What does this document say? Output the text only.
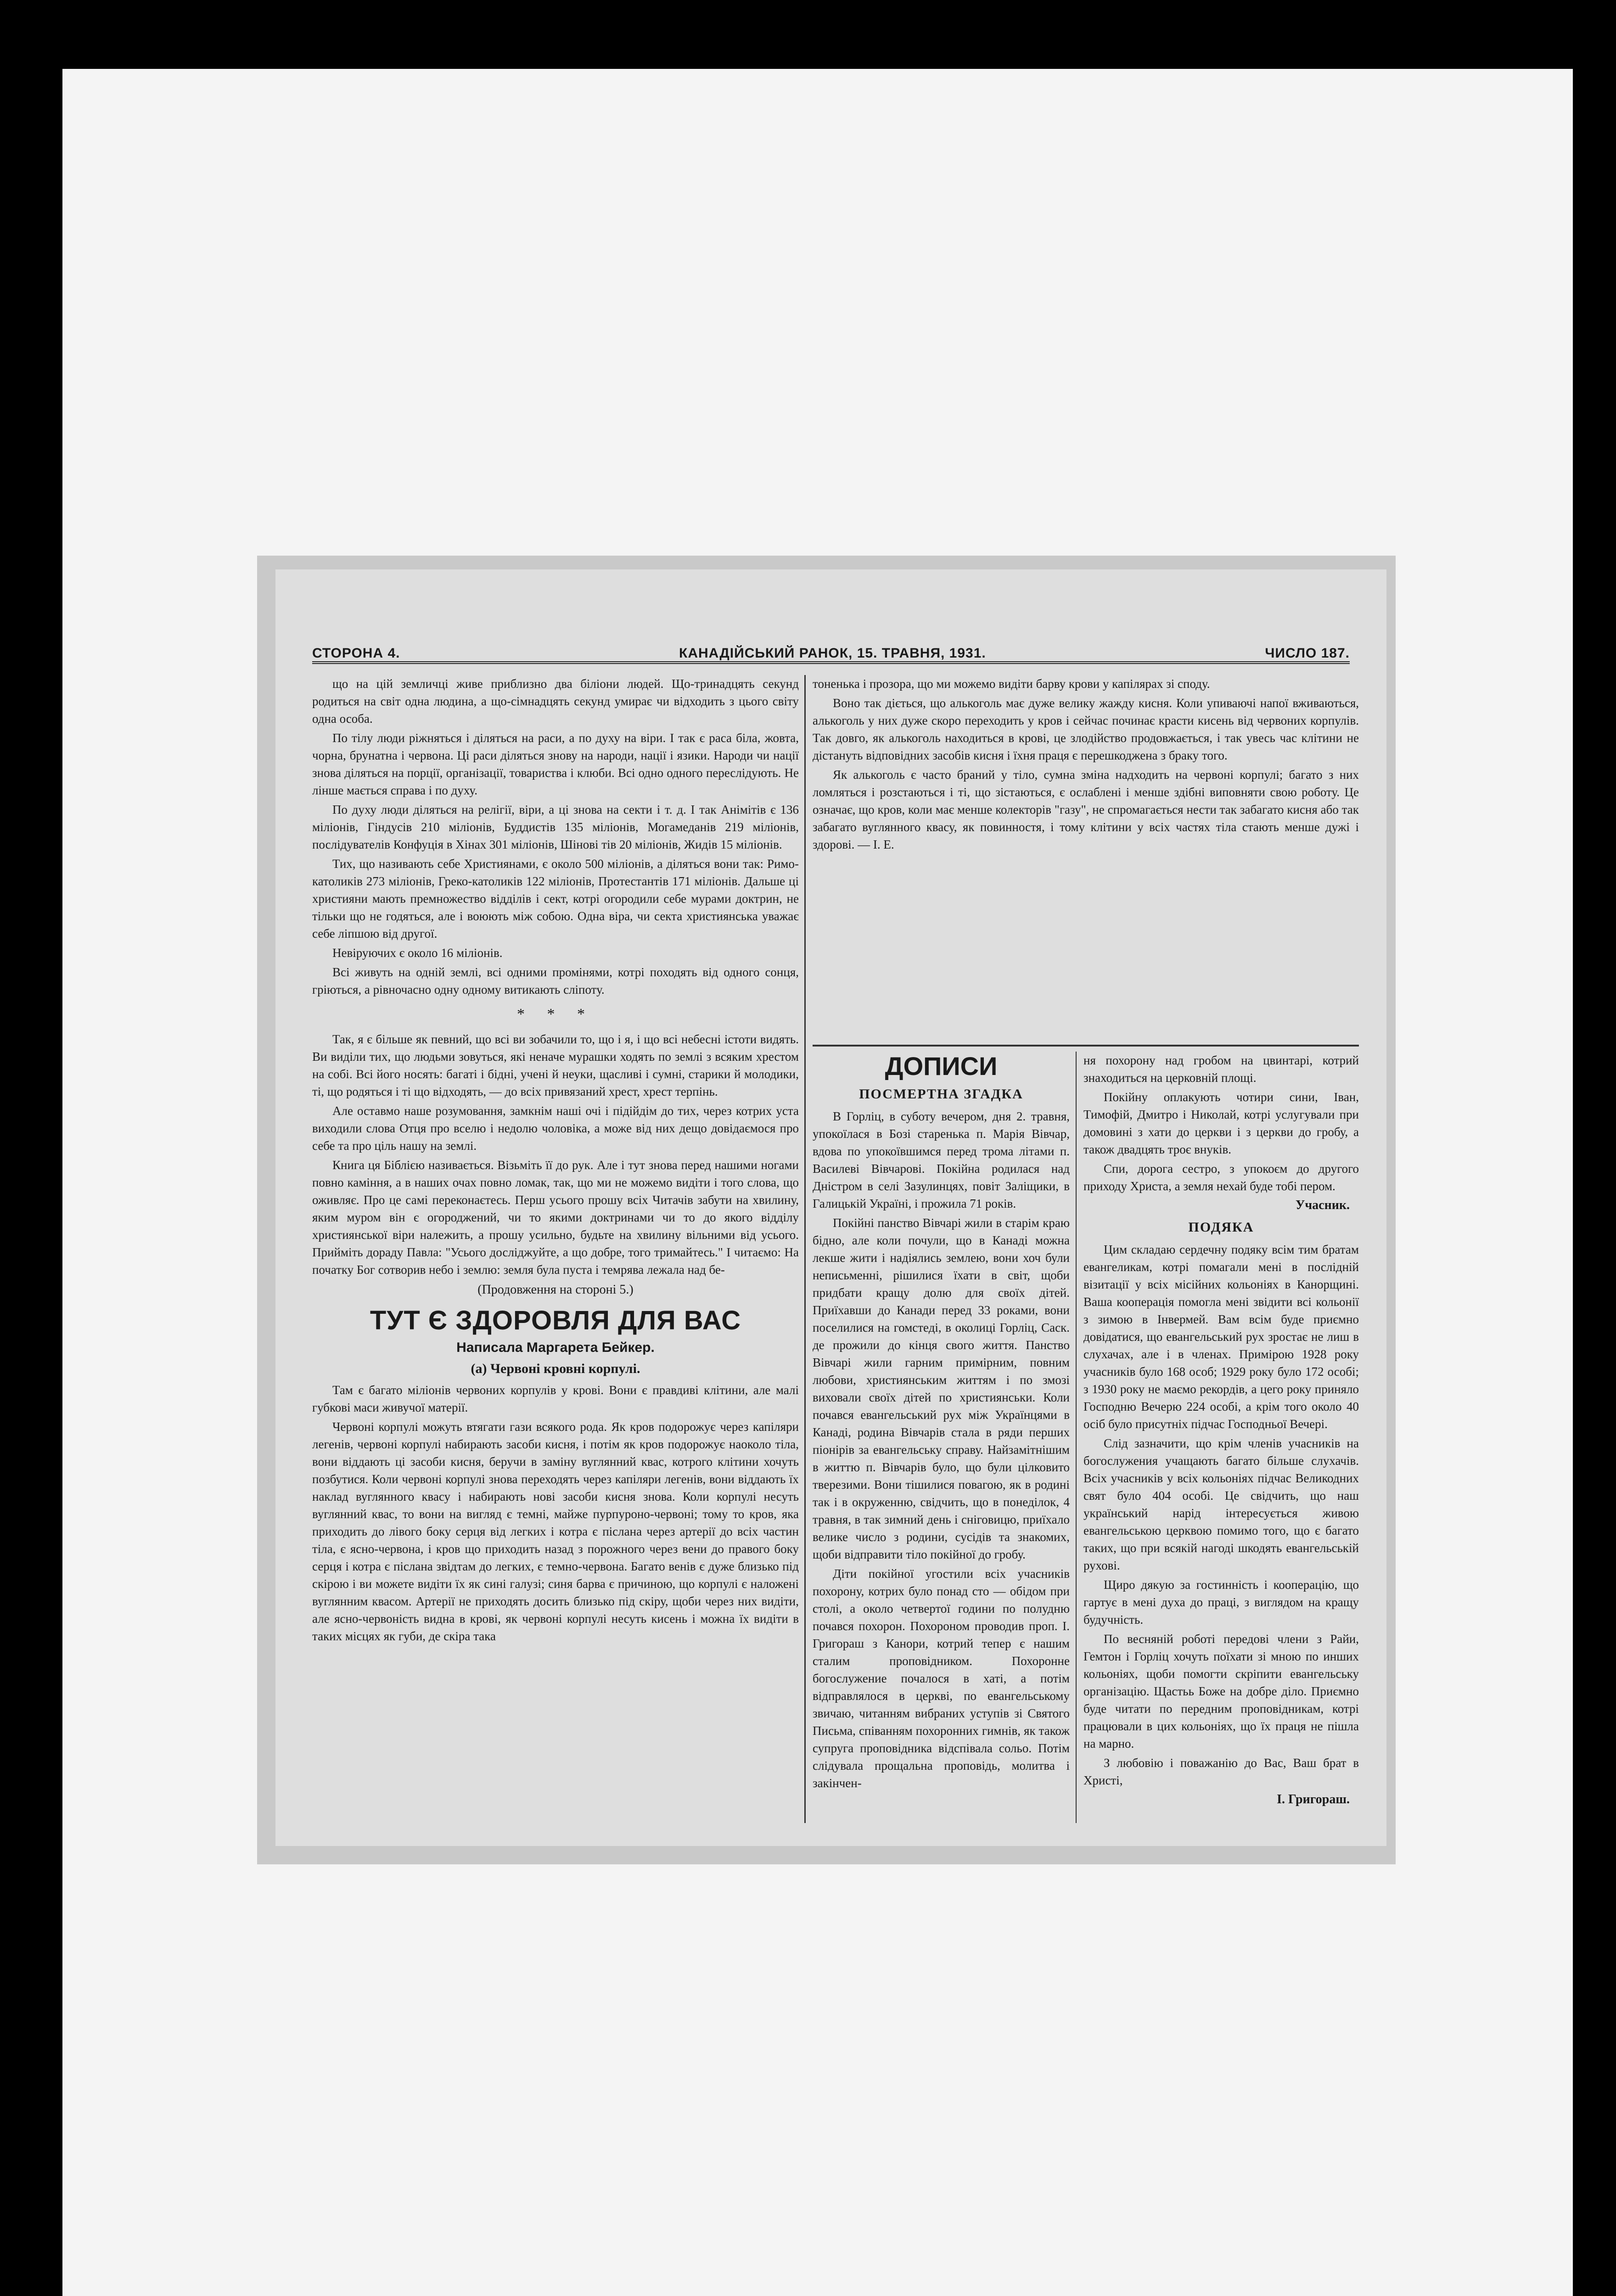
СТОРОНА 4.	КАНАДІЙСЬКИЙ РАНОК, 15. ТРАВНЯ, 1931.	ЧИСЛО 187.

що на цій земличці живе приблизно два біліони людей. Що-тринадцять секунд родиться на світ одна людина, а що-сімнадцять секунд умирає чи відходить з цього світу одна особа.

По тілу люди ріжняться і діляться на раси, а по духу на віри. І так є раса біла, жовта, чорна, брунатна і червона. Ці раси діляться знову на народи, нації і язики. Народи чи нації знова діляться на порції, організації, товариства і клюби. Всі одно одного переслідують. Не лінше мається справа і по духу.

По духу люди діляться на релігії, віри, а ці знова на секти і т. д. І так Анімітів є 136 міліонів, Гіндусів 210 міліонів, Буддистів 135 міліонів, Могамеданів 219 міліонів, послідувателів Конфуція в Хінах 301 міліонів, Шінові тів 20 міліонів, Жидів 15 міліонів.

Тих, що називають себе Християнами, є около 500 міліонів, а діляться вони так: Римо-католиків 273 міліонів, Греко-католиків 122 міліонів, Протестантів 171 міліонів. Дальше ці християни мають премножество відділів і сект, котрі огородили себе мурами доктрин, не тільки що не годяться, але і воюють між собою. Одна віра, чи секта християнська уважає себе ліпшою від другої.

Невіруючих є около 16 міліонів.

Всі живуть на одній землі, всі одними промінями, котрі походять від одного сонця, гріються, а рівночасно одну одному витикають сліпоту.

* * *

Так, я є більше як певний, що всі ви зобачили то, що і я, і що всі небесні істоти видять. Ви виділи тих, що людьми зовуться, які неначе мурашки ходять по землі з всяким хрестом на собі. Всі його носять: багаті і бідні, учені й неуки, щасливі і сумні, старики й молодики, ті, що родяться і ті що відходять, — до всіх привязаний хрест, хрест терпінь.

Але оставмо наше розумовання, замкнім наші очі і підійдім до тих, через котрих уста виходили слова Отця про вселю і недолю чоловіка, а може від них дещо довідаємося про себе та про ціль нашу на землі.

Книга ця Біблією називається. Візьміть її до рук. Але і тут знова перед нашими ногами повно каміння, а в наших очах повно ломак, так, що ми не можемо видіти і того слова, що оживляє. Про це самі переконаєтесь. Перш усього прошу всіх Читачів забути на хвилину, яким муром він є огороджений, чи то якими доктринами чи то до якого відділу християнської віри належить, а прошу усильно, будьте на хвилину вільними від усього. Прийміть дораду Павла: "Усього досліджуйте, а що добре, того тримайтесь." І читаємо: На початку Бог сотворив небо і землю: земля була пуста і темрява лежала над бе-

(Продовження на стороні 5.)
ТУТ Є ЗДОРОВЛЯ ДЛЯ ВАС
Написала Маргарета Бейкер.
(а) Червоні кровні корпулі.

Там є багато міліонів червоних корпулів у крові. Вони є правдиві клітини, але малі губкові маси живучої матерії.

Червоні корпулі можуть втягати гази всякого рода. Як кров подорожує через капіляри легенів, червоні корпулі набирають засоби кисня, і потім як кров подорожує наоколо тіла, вони віддають ці засоби кисня, беручи в заміну вуглянний квас, котрого клітини хочуть позбутися. Коли червоні корпулі знова переходять через капіляри легенів, вони віддають їх наклад вуглянного квасу і набирають нові засоби кисня знова. Коли корпулі несуть вуглянний квас, то вони на вигляд є темні, майже пурпуроно-червоні; тому то кров, яка приходить до лівого боку серця від легких і котра є післана через артерії до всіх частин тіла, є ясно-червона, і кров що приходить назад з порожного через вени до правого боку серця і котра є післана звідтам до легких, є темно-червона. Багато венів є дуже близько під скірою і ви можете видіти їх як сині галузі; синя барва є причиною, що корпулі є наложені вуглянним квасом. Артерії не приходять досить близько під скіру, щоби через них видіти, але ясно-червоність видна в крові, як червоні корпулі несуть кисень і можна їх видіти в таких місцях як губи, де скіра така

тоненька і прозора, що ми можемо видіти барву крови у капілярах зі споду.

Воно так діється, що алькоголь має дуже велику жажду кисня. Коли упиваючі напої вживаються, алькоголь у них дуже скоро переходить у кров і сейчас починає красти кисень від червоних корпулів. Так довго, як алькоголь находиться в крові, це злодійство продовжається, і так увесь час клітини не дістануть відповідних засобів кисня і їхня праця є перешкоджена з браку того.

Як алькоголь є часто браний у тіло, сумна зміна надходить на червоні корпулі; багато з них ломляться і розстаються і ті, що зістаються, є ослаблені і менше здібні виповняти свою роботу. Це означає, що кров, коли має менше колекторів "газу", не спромагається нести так забагато кисня або так забагато вуглянного квасу, як повинностя, і тому клітини у всіх частях тіла стають менше дужі і здорові. — І. Е.

ДОПИСИ
ПОСМЕРТНА ЗГАДКА

В Горліц, в суботу вечером, дня 2. травня, упокоїлася в Бозі старенька п. Марія Вівчар, вдова по упокоївшимся перед трома літами п. Василеві Вівчарові. Покійна родилася над Дністром в селі Зазулинцях, повіт Заліщики, в Галицькій Україні, і прожила 71 років.

Покійні панство Вівчарі жили в старім краю бідно, але коли почули, що в Канаді можна лекше жити і надіялись землею, вони хоч були неписьменні, рішилися їхати в світ, щоби придбати кращу долю для своїх дітей. Приїхавши до Канади перед 33 роками, вони поселилися на гомстеді, в околиці Горліц, Саск. де прожили до кінця свого життя. Панство Вівчарі жили гарним примірним, повним любови, християнським життям і по змозі виховали своїх дітей по християнськи. Коли почався евангельський рух між Українцями в Канаді, родина Вівчарів стала в ряди перших піонірів за евангельську справу. Найзамітнішим в життю п. Вівчарів було, що були цілковито тверезими. Вони тішилися повагою, як в родині так і в окруженню, свідчить, що в понеділок, 4 травня, в так зимний день і сніговицю, приїхало велике число з родини, сусідів та знакомих, щоби відправити тіло покійної до гробу.

Діти покійної угостили всіх учасників похорону, котрих було понад сто — обідом при столі, а около четвертої години по полудню почався похорон. Похороном проводив проп. І. Григораш з Канори, котрий тепер є нашим сталим проповідником. Похоронне богослужение почалося в хаті, а потім відправлялося в церкві, по евангельському звичаю, читанням вибраних уступів зі Святого Письма, співанням похоронних гимнів, як також супруга проповідника відспівала сольо. Потім слідувала прощальна проповідь, молитва і закінчен-

ня похорону над гробом на цвинтарі, котрий знаходиться на церковній площі.

Покійну оплакують чотири сини, Іван, Тимофій, Дмитро і Николай, котрі услугували при домовині з хати до церкви і з церкви до гробу, а також двадцять троє внуків.

Спи, дорога сестро, з упокоєм до другого приходу Христа, а земля нехай буде тобі пером.

Учасник.
ПОДЯКА

Цим складаю сердечну подяку всім тим братам евангеликам, котрі помагали мені в послідній візитації у всіх місійних кольоніях в Канорщині. Ваша кооперація помогла мені звідити всі кольонії з зимою в Інвермей. Вам всім буде приємно довідатися, що евангельський рух зростає не лиш в слухачах, але і в членах. Примірою 1928 року учасників було 168 особ; 1929 року було 172 особі; з 1930 року не маємо рекордів, а цего року приняло Господню Вечерю 224 особі, а крім того около 40 осіб було присутніх підчас Господньої Вечері.

Слід зазначити, що крім членів учасників на богослужения учащають багато більше слухачів. Всіх учасників у всіх кольоніях підчас Великодних свят було 404 особі. Це свідчить, що наш український нарід інтересується живою евангельською церквою помимо того, що є багато таких, що при всякій нагоді шкодять евангельській рухові.

Щиро дякую за гостинність і кооперацію, що гартує в мені духа до праці, з виглядом на кращу будучність.

По весняній роботі передові члени з Райи, Гемтон і Горліц хочуть поїхати зі мною по инших кольоніях, щоби помогти скріпити евангельську організацію. Щастьь Боже на добре діло. Приємно буде читати по передним проповідникам, котрі працювали в цих кольоніях, що їх праця не пішла на марно.

З любовію і поважанію до Вас, Ваш брат в Христі,

І. Григораш.
